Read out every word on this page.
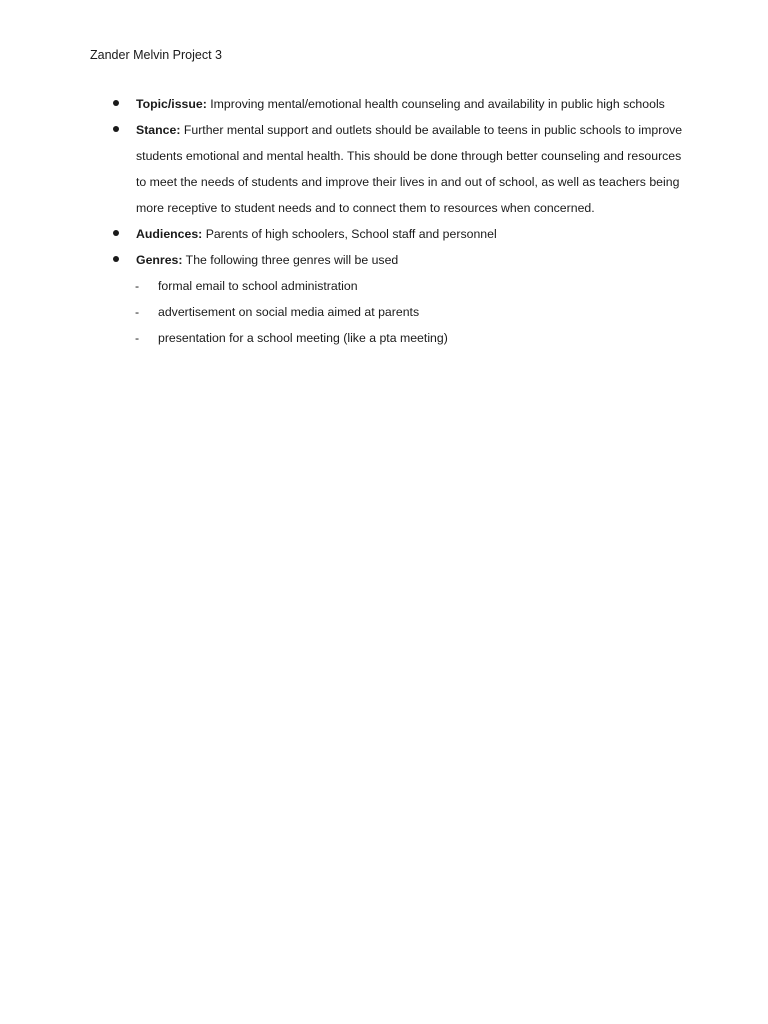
Zander Melvin Project 3
Topic/issue: Improving mental/emotional health counseling and availability in public high schools
Stance: Further mental support and outlets should be available to teens in public schools to improve students emotional and mental health. This should be done through better counseling and resources to meet the needs of students and improve their lives in and out of school, as well as teachers being more receptive to student needs and to connect them to resources when concerned.
Audiences: Parents of high schoolers, School staff and personnel
Genres: The following three genres will be used
- formal email to school administration
- advertisement on social media aimed at parents
- presentation for a school meeting (like a pta meeting)
